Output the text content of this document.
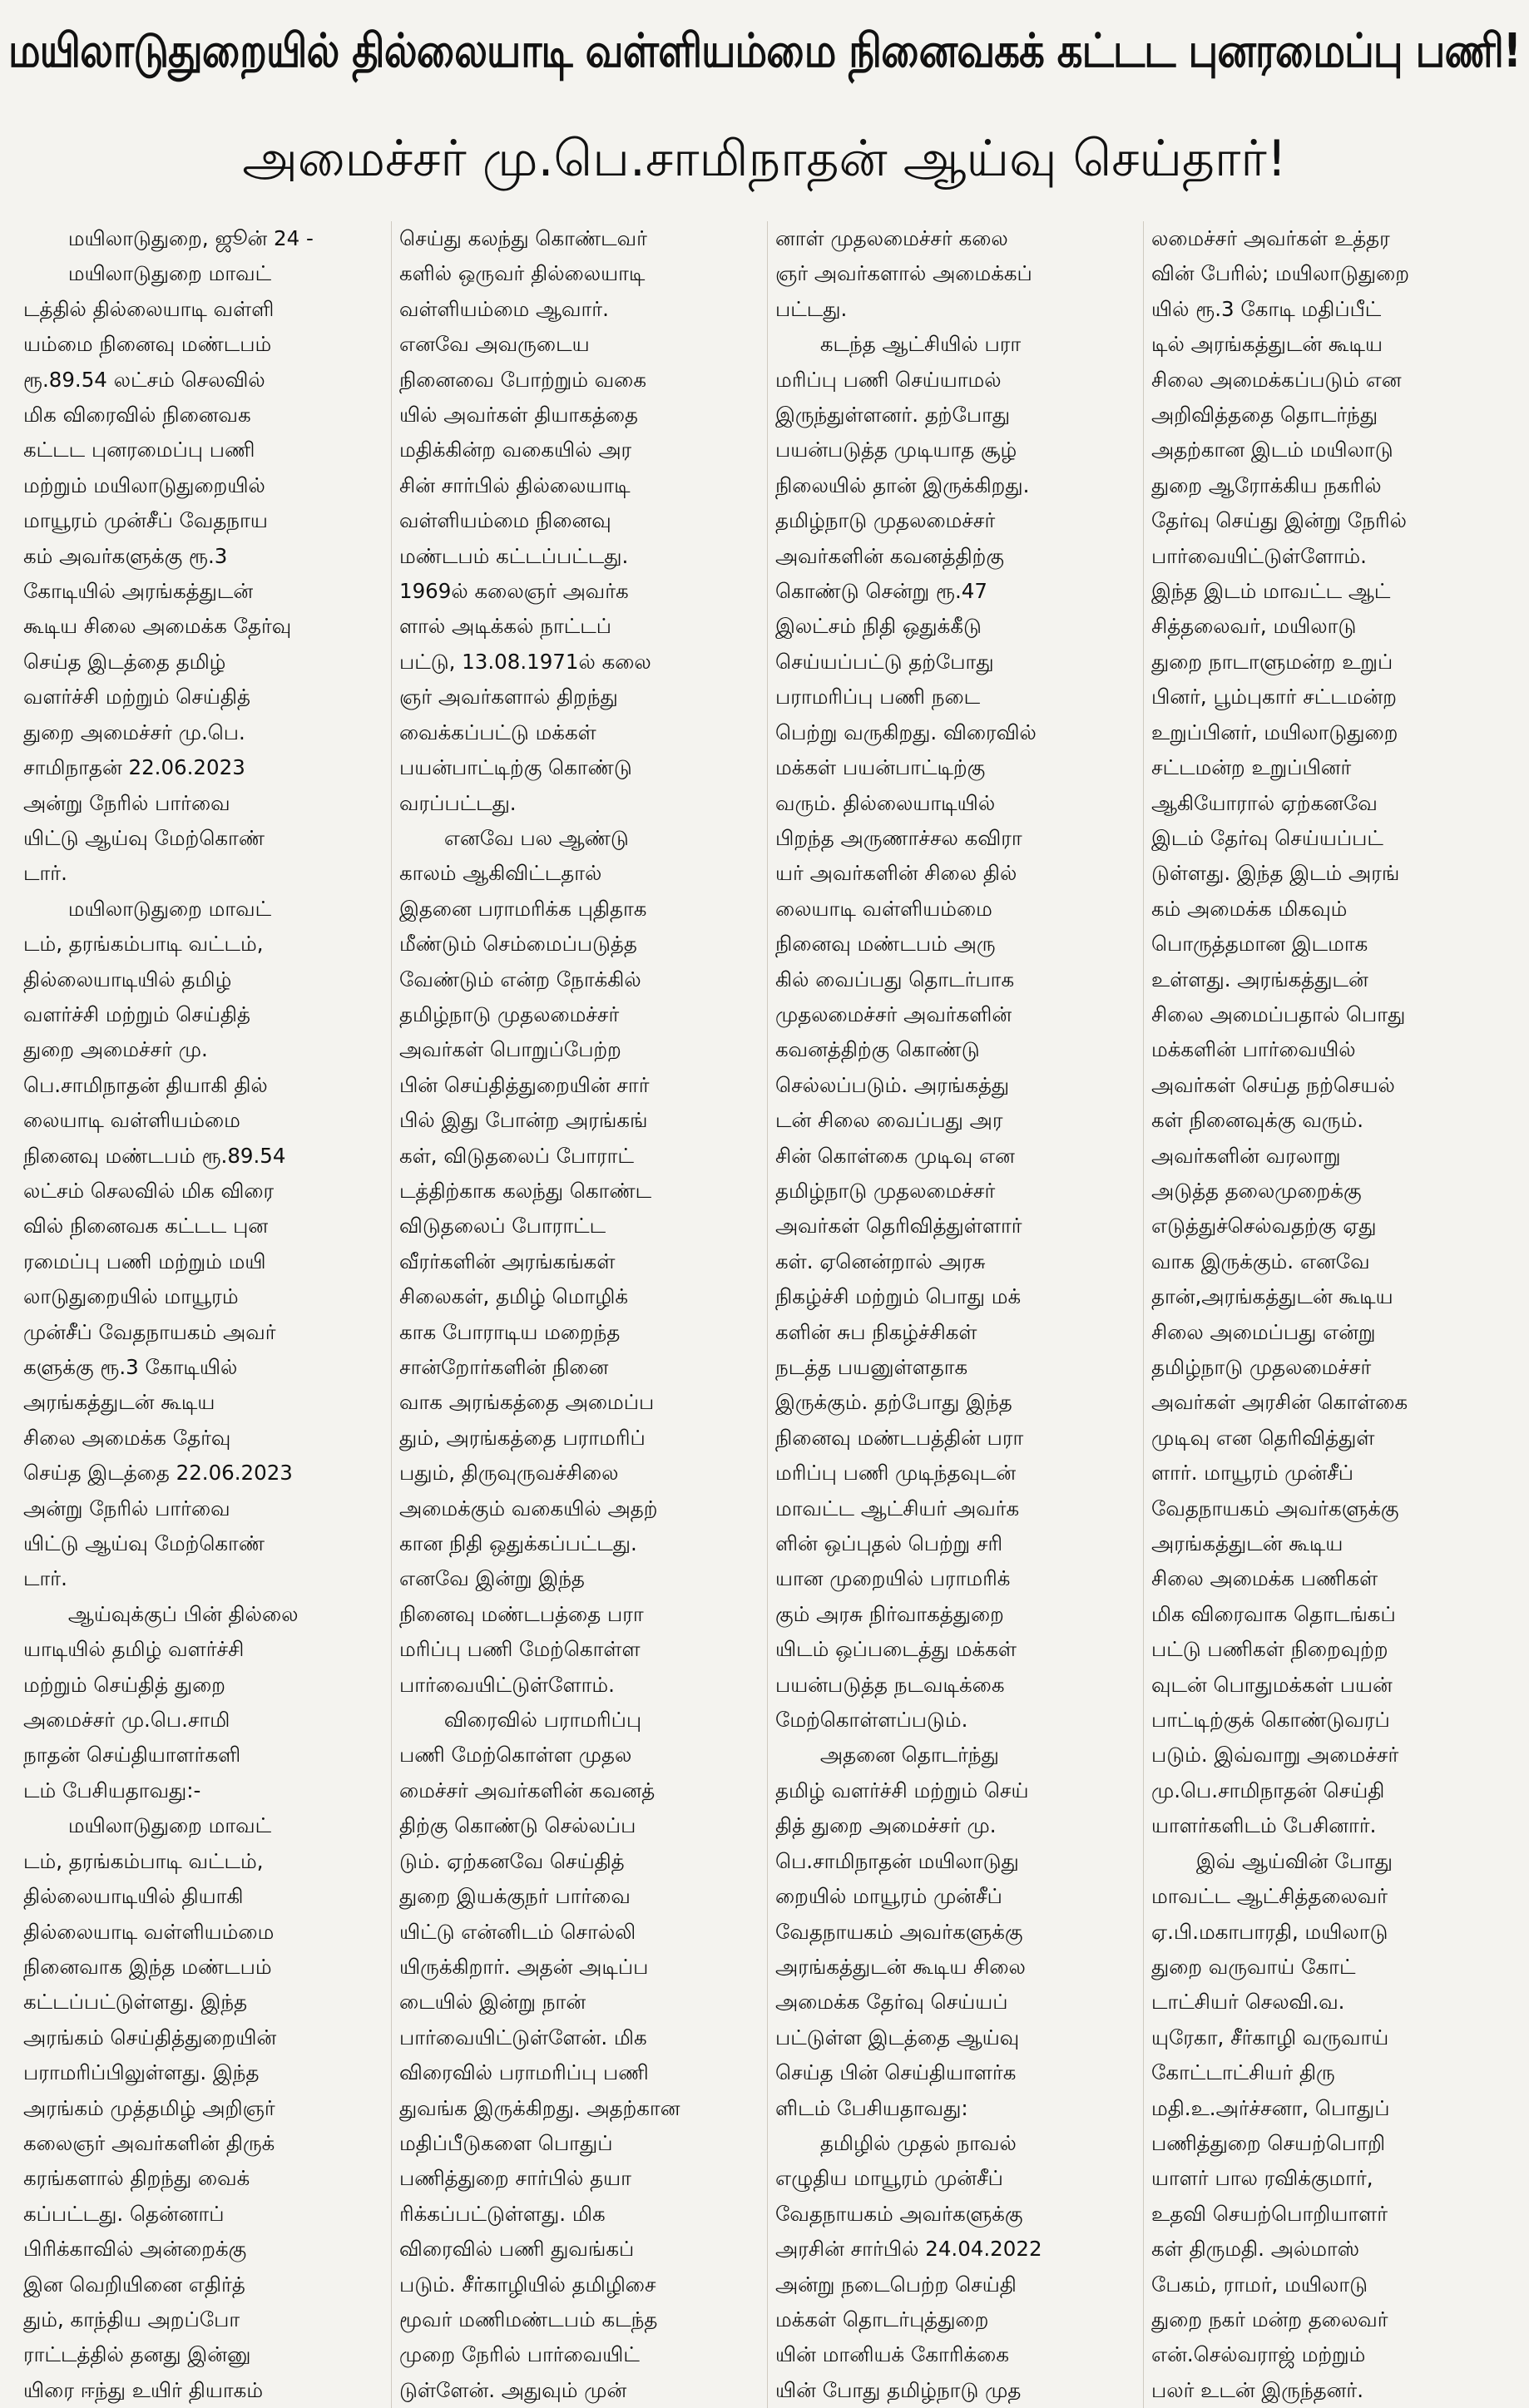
மயிலாடுதுறையில் தில்லையாடி வள்ளியம்மை நினைவகக் கட்டட புனரமைப்பு பணி!
அமைச்சர் மு.பெ.சாமிநாதன் ஆய்வு செய்தார்!
மயிலாடுதுறை, ஜூன் 24 -
மயிலாடுதுறை மாவட்
டத்தில் தில்லையாடி வள்ளி
யம்மை நினைவு மண்டபம்
ரூ.89.54 லட்சம் செலவில்
மிக விரைவில் நினைவக
கட்டட புனரமைப்பு பணி
மற்றும் மயிலாடுதுறையில்
மாயூரம் முன்சீப் வேதநாய
கம் அவர்களுக்கு ரூ.3
கோடியில் அரங்கத்துடன்
கூடிய சிலை அமைக்க தேர்வு
செய்த இடத்தை தமிழ்
வளர்ச்சி மற்றும் செய்தித்
துறை அமைச்சர் மு.பெ.
சாமிநாதன் 22.06.2023
அன்று நேரில் பார்வை
யிட்டு ஆய்வு மேற்கொண்
டார்.
மயிலாடுதுறை மாவட்
டம், தரங்கம்பாடி வட்டம்,
தில்லையாடியில் தமிழ்
வளர்ச்சி மற்றும் செய்தித்
துறை அமைச்சர் மு.
பெ.சாமிநாதன் தியாகி தில்
லையாடி வள்ளியம்மை
நினைவு மண்டபம் ரூ.89.54
லட்சம் செலவில் மிக விரை
வில் நினைவக கட்டட புன
ரமைப்பு பணி மற்றும் மயி
லாடுதுறையில் மாயூரம்
முன்சீப் வேதநாயகம் அவர்
களுக்கு ரூ.3 கோடியில்
அரங்கத்துடன் கூடிய
சிலை அமைக்க தேர்வு
செய்த இடத்தை 22.06.2023
அன்று நேரில் பார்வை
யிட்டு ஆய்வு மேற்கொண்
டார்.
ஆய்வுக்குப் பின் தில்லை
யாடியில் தமிழ் வளர்ச்சி
மற்றும் செய்தித் துறை
அமைச்சர் மு.பெ.சாமி
நாதன் செய்தியாளர்களி
டம் பேசியதாவது:-
மயிலாடுதுறை மாவட்
டம், தரங்கம்பாடி வட்டம்,
தில்லையாடியில் தியாகி
தில்லையாடி வள்ளியம்மை
நினைவாக இந்த மண்டபம்
கட்டப்பட்டுள்ளது. இந்த
அரங்கம் செய்தித்துறையின்
பராமரிப்பிலுள்ளது. இந்த
அரங்கம் முத்தமிழ் அறிஞர்
கலைஞர் அவர்களின் திருக்
கரங்களால் திறந்து வைக்
கப்பட்டது. தென்னாப்
பிரிக்காவில் அன்றைக்கு
இன வெறியினை எதிர்த்
தும், காந்திய அறப்போ
ராட்டத்தில் தனது இன்னு
யிரை ஈந்து உயிர் தியாகம்
செய்து கலந்து கொண்டவர்
களில் ஒருவர் தில்லையாடி
வள்ளியம்மை ஆவார்.
எனவே அவருடைய
நினைவை போற்றும் வகை
யில் அவர்கள் தியாகத்தை
மதிக்கின்ற வகையில் அர
சின் சார்பில் தில்லையாடி
வள்ளியம்மை நினைவு
மண்டபம் கட்டப்பட்டது.
1969ல் கலைஞர் அவர்க
ளால் அடிக்கல் நாட்டப்
பட்டு, 13.08.1971ல் கலை
ஞர் அவர்களால் திறந்து
வைக்கப்பட்டு மக்கள்
பயன்பாட்டிற்கு கொண்டு
வரப்பட்டது.
எனவே பல ஆண்டு
காலம் ஆகிவிட்டதால்
இதனை பராமரிக்க புதிதாக
மீண்டும் செம்மைப்படுத்த
வேண்டும் என்ற நோக்கில்
தமிழ்நாடு முதலமைச்சர்
அவர்கள் பொறுப்பேற்ற
பின் செய்தித்துறையின் சார்
பில் இது போன்ற அரங்கங்
கள், விடுதலைப் போராட்
டத்திற்காக கலந்து கொண்ட
விடுதலைப் போராட்ட
வீரர்களின் அரங்கங்கள்
சிலைகள், தமிழ் மொழிக்
காக போராடிய மறைந்த
சான்றோர்களின் நினை
வாக அரங்கத்தை அமைப்ப
தும், அரங்கத்தை பராமரிப்
பதும், திருவுருவச்சிலை
அமைக்கும் வகையில் அதற்
கான நிதி ஒதுக்கப்பட்டது.
எனவே இன்று இந்த
நினைவு மண்டபத்தை பரா
மரிப்பு பணி மேற்கொள்ள
பார்வையிட்டுள்ளோம்.
விரைவில் பராமரிப்பு
பணி மேற்கொள்ள முதல
மைச்சர் அவர்களின் கவனத்
திற்கு கொண்டு செல்லப்ப
டும். ஏற்கனவே செய்தித்
துறை இயக்குநர் பார்வை
யிட்டு என்னிடம் சொல்லி
யிருக்கிறார். அதன் அடிப்ப
டையில் இன்று நான்
பார்வையிட்டுள்ளேன். மிக
விரைவில் பராமரிப்பு பணி
துவங்க இருக்கிறது. அதற்கான
மதிப்பீடுகளை பொதுப்
பணித்துறை சார்பில் தயா
ரிக்கப்பட்டுள்ளது. மிக
விரைவில் பணி துவங்கப்
படும். சீர்காழியில் தமிழிசை
மூவர் மணிமண்டபம் கடந்த
முறை நேரில் பார்வையிட்
டுள்ளேன். அதுவும் முன்
னாள் முதலமைச்சர் கலை
ஞர் அவர்களால் அமைக்கப்
பட்டது.
கடந்த ஆட்சியில் பரா
மரிப்பு பணி செய்யாமல்
இருந்துள்ளனர். தற்போது
பயன்படுத்த முடியாத சூழ்
நிலையில் தான் இருக்கிறது.
தமிழ்நாடு முதலமைச்சர்
அவர்களின் கவனத்திற்கு
கொண்டு சென்று ரூ.47
இலட்சம் நிதி ஒதுக்கீடு
செய்யப்பட்டு தற்போது
பராமரிப்பு பணி நடை
பெற்று வருகிறது. விரைவில்
மக்கள் பயன்பாட்டிற்கு
வரும். தில்லையாடியில்
பிறந்த அருணாச்சல கவிரா
யர் அவர்களின் சிலை தில்
லையாடி வள்ளியம்மை
நினைவு மண்டபம் அரு
கில் வைப்பது தொடர்பாக
முதலமைச்சர் அவர்களின்
கவனத்திற்கு கொண்டு
செல்லப்படும். அரங்கத்து
டன் சிலை வைப்பது அர
சின் கொள்கை முடிவு என
தமிழ்நாடு முதலமைச்சர்
அவர்கள் தெரிவித்துள்ளார்
கள். ஏனென்றால் அரசு
நிகழ்ச்சி மற்றும் பொது மக்
களின் சுப நிகழ்ச்சிகள்
நடத்த பயனுள்ளதாக
இருக்கும். தற்போது இந்த
நினைவு மண்டபத்தின் பரா
மரிப்பு பணி முடிந்தவுடன்
மாவட்ட ஆட்சியர் அவர்க
ளின் ஒப்புதல் பெற்று சரி
யான முறையில் பராமரிக்
கும் அரசு நிர்வாகத்துறை
யிடம் ஒப்படைத்து மக்கள்
பயன்படுத்த நடவடிக்கை
மேற்கொள்ளப்படும்.
அதனை தொடர்ந்து
தமிழ் வளர்ச்சி மற்றும் செய்
தித் துறை அமைச்சர் மு.
பெ.சாமிநாதன் மயிலாடுது
றையில் மாயூரம் முன்சீப்
வேதநாயகம் அவர்களுக்கு
அரங்கத்துடன் கூடிய சிலை
அமைக்க தேர்வு செய்யப்
பட்டுள்ள இடத்தை ஆய்வு
செய்த பின் செய்தியாளர்க
ளிடம் பேசியதாவது:
தமிழில் முதல் நாவல்
எழுதிய மாயூரம் முன்சீப்
வேதநாயகம் அவர்களுக்கு
அரசின் சார்பில் 24.04.2022
அன்று நடைபெற்ற செய்தி
மக்கள் தொடர்புத்துறை
யின் மானியக் கோரிக்கை
யின் போது தமிழ்நாடு முத
லமைச்சர் அவர்கள் உத்தர
வின் பேரில்; மயிலாடுதுறை
யில் ரூ.3 கோடி மதிப்பீட்
டில் அரங்கத்துடன் கூடிய
சிலை அமைக்கப்படும் என
அறிவித்ததை தொடர்ந்து
அதற்கான இடம் மயிலாடு
துறை ஆரோக்கிய நகரில்
தேர்வு செய்து இன்று நேரில்
பார்வையிட்டுள்ளோம்.
இந்த இடம் மாவட்ட ஆட்
சித்தலைவர், மயிலாடு
துறை நாடாளுமன்ற உறுப்
பினர், பூம்புகார் சட்டமன்ற
உறுப்பினர், மயிலாடுதுறை
சட்டமன்ற உறுப்பினர்
ஆகியோரால் ஏற்கனவே
இடம் தேர்வு செய்யப்பட்
டுள்ளது. இந்த இடம் அரங்
கம் அமைக்க மிகவும்
பொருத்தமான இடமாக
உள்ளது. அரங்கத்துடன்
சிலை அமைப்பதால் பொது
மக்களின் பார்வையில்
அவர்கள் செய்த நற்செயல்
கள் நினைவுக்கு வரும்.
அவர்களின் வரலாறு
அடுத்த தலைமுறைக்கு
எடுத்துச்செல்வதற்கு ஏது
வாக இருக்கும். எனவே
தான்,அரங்கத்துடன் கூடிய
சிலை அமைப்பது என்று
தமிழ்நாடு முதலமைச்சர்
அவர்கள் அரசின் கொள்கை
முடிவு என தெரிவித்துள்
ளார். மாயூரம் முன்சீப்
வேதநாயகம் அவர்களுக்கு
அரங்கத்துடன் கூடிய
சிலை அமைக்க பணிகள்
மிக விரைவாக தொடங்கப்
பட்டு பணிகள் நிறைவுற்ற
வுடன் பொதுமக்கள் பயன்
பாட்டிற்குக் கொண்டுவரப்
படும். இவ்வாறு அமைச்சர்
மு.பெ.சாமிநாதன் செய்தி
யாளர்களிடம் பேசினார்.
இவ் ஆய்வின் போது
மாவட்ட ஆட்சித்தலைவர்
ஏ.பி.மகாபாரதி, மயிலாடு
துறை வருவாய் கோட்
டாட்சியர் செலவி.வ.
யுரேகா, சீர்காழி வருவாய்
கோட்டாட்சியர் திரு
மதி.உ.அர்ச்சனா, பொதுப்
பணித்துறை செயற்பொறி
யாளர் பால ரவிக்குமார்,
உதவி செயற்பொறியாளர்
கள் திருமதி. அல்மாஸ்
பேகம், ராமர், மயிலாடு
துறை நகர் மன்ற தலைவர்
என்.செல்வராஜ் மற்றும்
பலர் உடன் இருந்தனர்.
